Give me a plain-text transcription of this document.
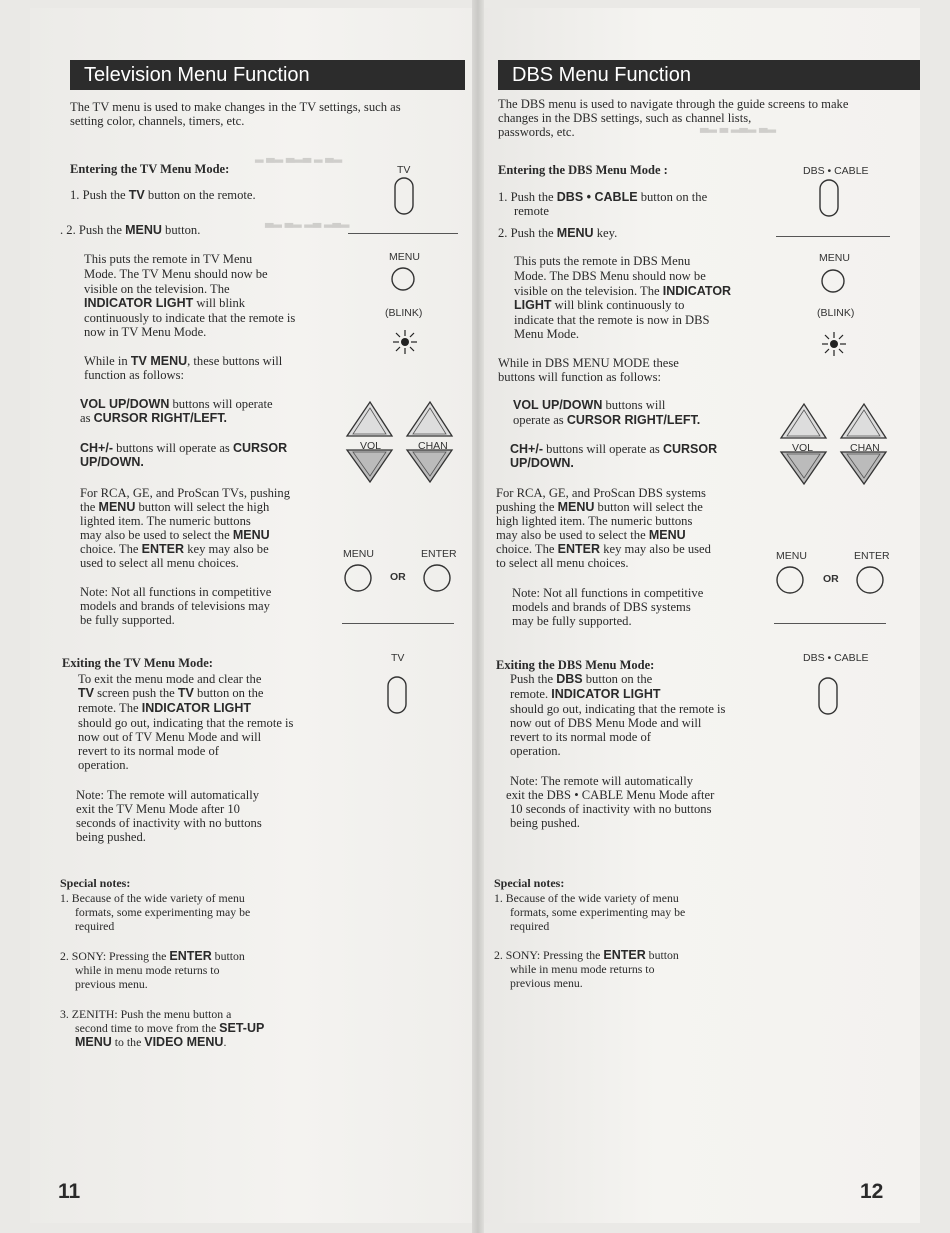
▂▃ ▂ ▃▂▃ ▂▃ ▂
▂▃▂ ▃▂ ▂▃ ▂▃
▂▃ ▂▃▂ ▃ ▂▃
Television Menu Function
The TV menu is used to make changes in the TV settings, such as
setting color, channels, timers, etc.
Entering the TV Menu Mode:
1. Push the TV button on the remote.
. 2. Push the MENU button.
This puts the remote in TV Menu
Mode. The TV Menu should now be
visible on the television. The
INDICATOR LIGHT will blink
continuously to indicate that the remote is
now in TV Menu Mode.
While in TV MENU, these buttons will
function as follows:
VOL UP/DOWN buttons will operate
as CURSOR RIGHT/LEFT.
CH+/- buttons will operate as CURSOR
UP/DOWN.
For RCA, GE, and ProScan TVs, pushing
the MENU button will select the high
lighted item. The numeric buttons
may also be used to select the MENU
choice. The ENTER key may also be
used to select all menu choices.
Note: Not all functions in competitive
models and brands of televisions may
be fully supported.
Exiting the TV Menu Mode:
To exit the menu mode and clear the
TV screen push the TV button on the
remote. The INDICATOR LIGHT
should go out, indicating that the remote is
now out of TV Menu Mode and will
revert to its normal mode of
operation.
Note: The remote will automatically
exit the TV Menu Mode after 10
seconds of inactivity with no buttons
being pushed.
Special notes:
1. Because of the wide variety of menu
formats, some experimenting may be
required
2. SONY: Pressing the ENTER button
while in menu mode returns to
previous menu.
3. ZENITH: Push the menu button a
second time to move from the SET-UP
MENU to the VIDEO MENU.
11
TV
MENU
(BLINK)
VOL	CHAN
MENU	ENTER
OR
TV
DBS Menu Function
The DBS menu is used to navigate through the guide screens to make
changes in the DBS settings, such as channel lists,
passwords, etc.
Entering the DBS Menu Mode :
1. Push the DBS • CABLE button on the
remote
2. Push the MENU key.
This puts the remote in DBS Menu
Mode. The DBS Menu should now be
visible on the television. The INDICATOR
LIGHT will blink continuously to
indicate that the remote is now in DBS
Menu Mode.
While in DBS MENU MODE these
buttons will function as follows:
VOL UP/DOWN buttons will
operate as CURSOR RIGHT/LEFT.
CH+/- buttons will operate as CURSOR
UP/DOWN.
For RCA, GE, and ProScan DBS systems
pushing the MENU button will select the
high lighted item. The numeric buttons
may also be used to select the MENU
choice. The ENTER key may also be used
to select all menu choices.
Note: Not all functions in competitive
models and brands of DBS systems
may be fully supported.
Exiting the DBS Menu Mode:
Push the DBS button on the
remote. INDICATOR LIGHT
should go out, indicating that the remote is
now out of DBS Menu Mode and will
revert to its normal mode of
operation.
Note: The remote will automatically
exit the DBS • CABLE Menu Mode after
10 seconds of inactivity with no buttons
being pushed.
Special notes:
1. Because of the wide variety of menu
formats, some experimenting may be
required
2. SONY: Pressing the ENTER button
while in menu mode returns to
previous menu.
12
DBS • CABLE
MENU
(BLINK)
VOL	CHAN
MENU	ENTER
OR
DBS • CABLE
